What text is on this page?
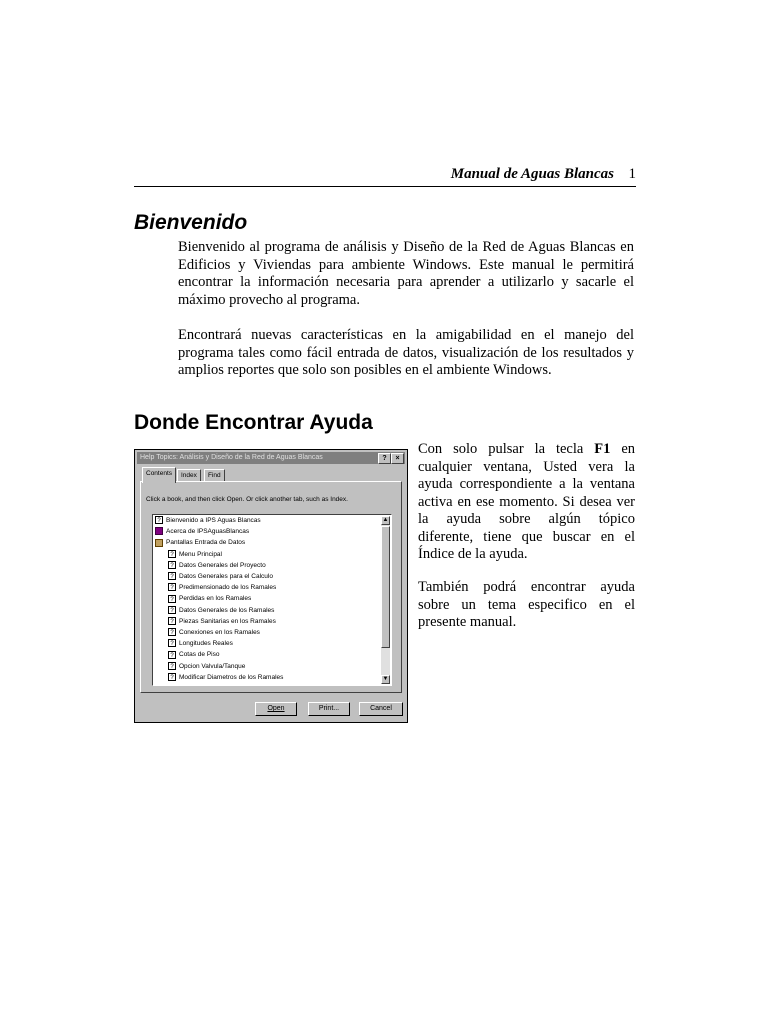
Manual de Aguas Blancas 1
Bienvenido

Bienvenido al programa de análisis y Diseño de la Red de Aguas Blancas en Edificios y Viviendas para ambiente Windows. Este manual le permitirá encontrar la información necesaria para aprender a utilizarlo y sacarle el máximo provecho al programa.

Encontrará nuevas características en la amigabilidad en el manejo del programa tales como fácil entrada de datos, visualización de los resultados y amplios reportes que solo son posibles en el ambiente Windows.

Donde Encontrar Ayuda

Con solo pulsar la tecla F1 en cualquier ventana, Usted vera la ayuda correspondiente a la ventana activa en ese momento. Si desea ver la ayuda sobre algún tópico diferente, tiene que buscar en el Índice de la ayuda.

También podrá encontrar ayuda sobre un tema especifico en el presente manual.

Help Topics: Análisis y Diseño de la Red de Aguas Blancas	?	×
Contents	Index	Find
Click a book, and then click Open. Or click another tab, such as Index.
▲
▼
? Bienvenido a IPS Aguas Blancas
Acerca de IPSAguasBlancas
Pantallas Entrada de Datos
? Menu Principal
? Datos Generales del Proyecto
? Datos Generales para el Calculo
? Predimensionado de los Ramales
? Perdidas en los Ramales
? Datos Generales de los Ramales
? Piezas Sanitarias en los Ramales
? Conexiones en los Ramales
? Longitudes Reales
? Cotas de Piso
? Opcion Valvula/Tanque
? Modificar Diametros de los Ramales
Open	Print...	Cancel
